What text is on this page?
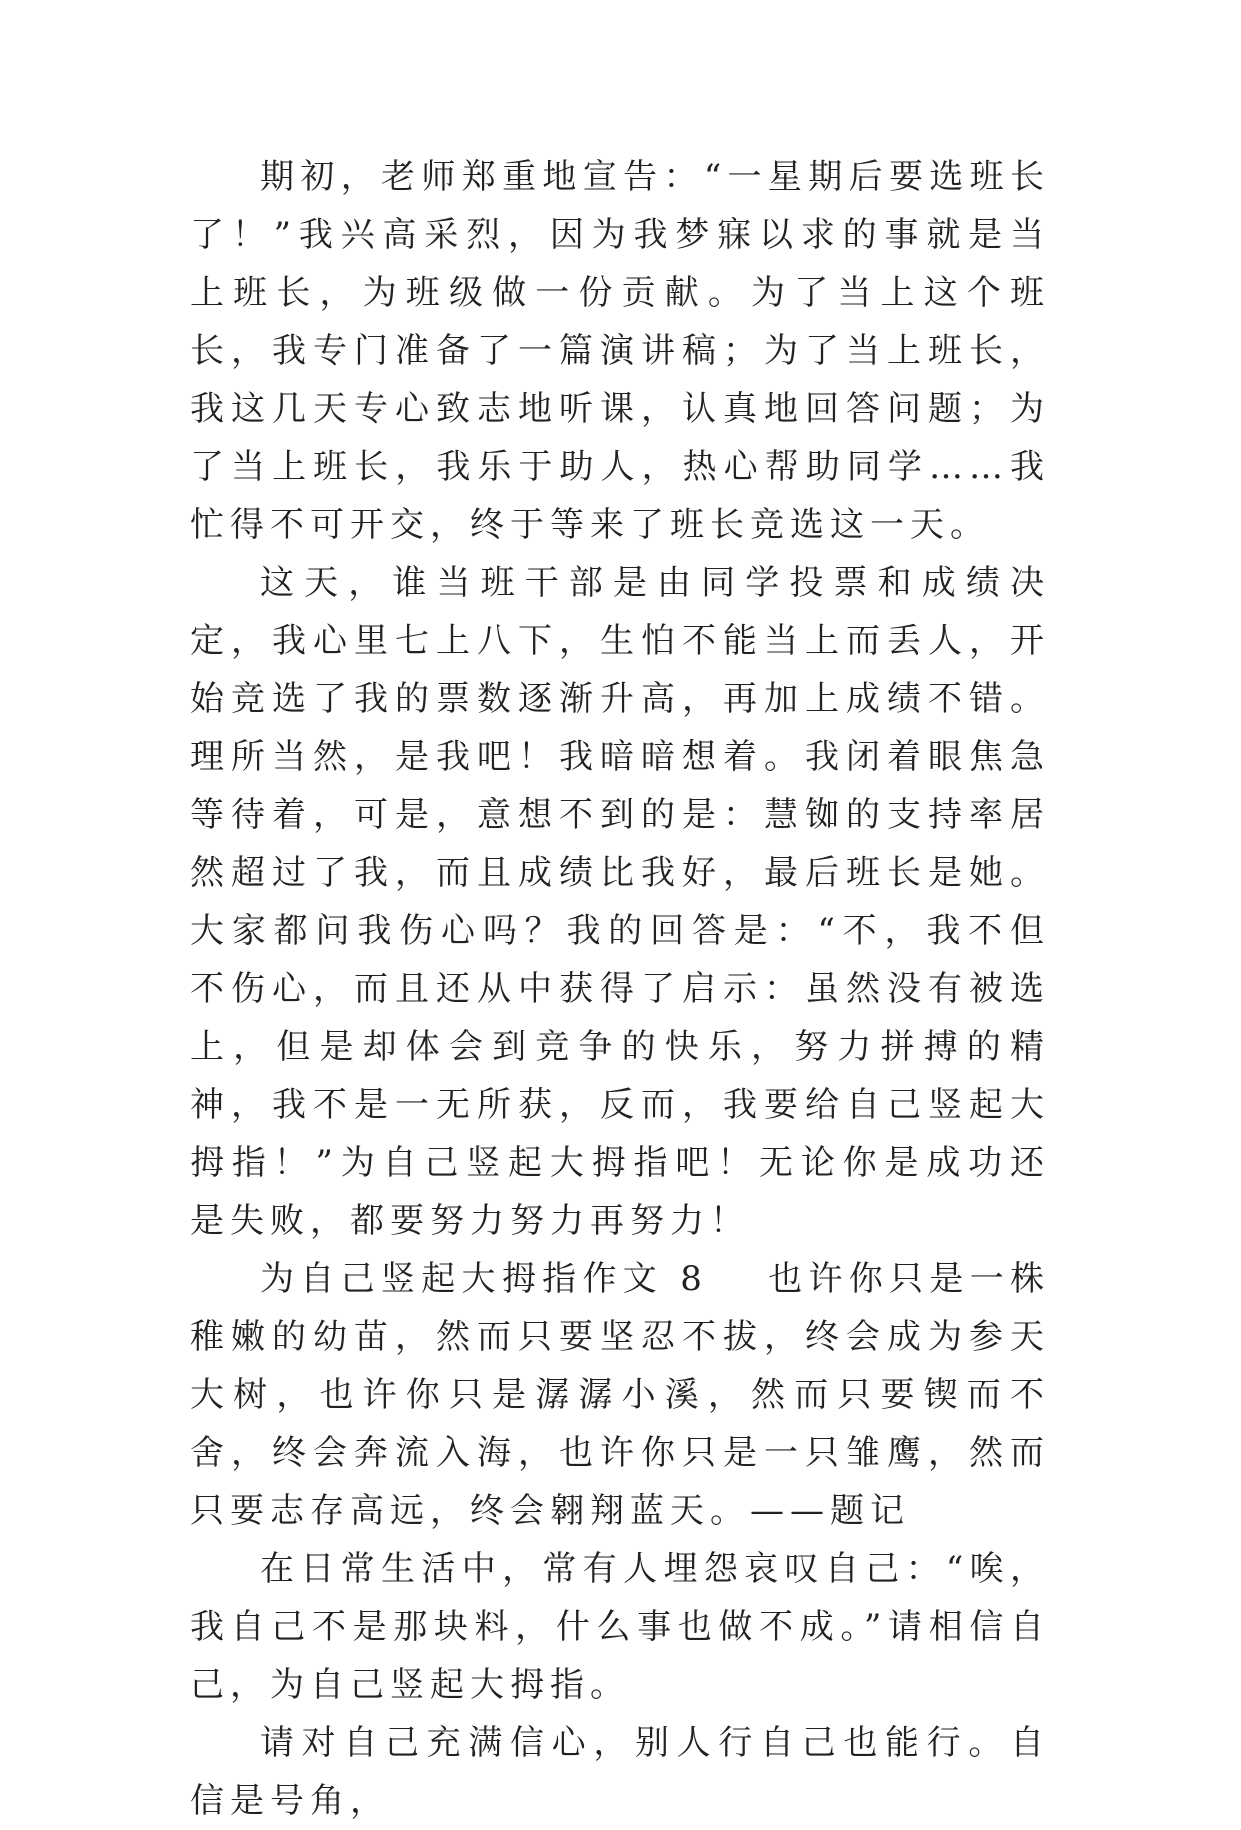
期初，老师郑重地宣告：“一星期后要选班长了！”我兴高采烈，因为我梦寐以求的事就是当上班长，为班级做一份贡献。为了当上这个班长，我专门准备了一篇演讲稿；为了当上班长，我这几天专心致志地听课，认真地回答问题；为了当上班长，我乐于助人，热心帮助同学……我忙得不可开交，终于等来了班长竞选这一天。

这天，谁当班干部是由同学投票和成绩决定，我心里七上八下，生怕不能当上而丢人，开始竞选了我的票数逐渐升高，再加上成绩不错。理所当然，是我吧！我暗暗想着。我闭着眼焦急等待着，可是，意想不到的是：慧铷的支持率居然超过了我，而且成绩比我好，最后班长是她。大家都问我伤心吗？我的回答是：“不，我不但不伤心，而且还从中获得了启示：虽然没有被选上，但是却体会到竞争的快乐，努力拼搏的精神，我不是一无所获，反而，我要给自己竖起大拇指！”为自己竖起大拇指吧！无论你是成功还是失败，都要努力努力再努力！

为自己竖起大拇指作文 8 也许你只是一株稚嫩的幼苗，然而只要坚忍不拔，终会成为参天大树，也许你只是潺潺小溪，然而只要锲而不舍，终会奔流入海，也许你只是一只雏鹰，然而只要志存高远，终会翱翔蓝天。——题记

在日常生活中，常有人埋怨哀叹自己：“唉，我自己不是那块料，什么事也做不成。”请相信自己，为自己竖起大拇指。

请对自己充满信心，别人行自己也能行。自信是号角，
